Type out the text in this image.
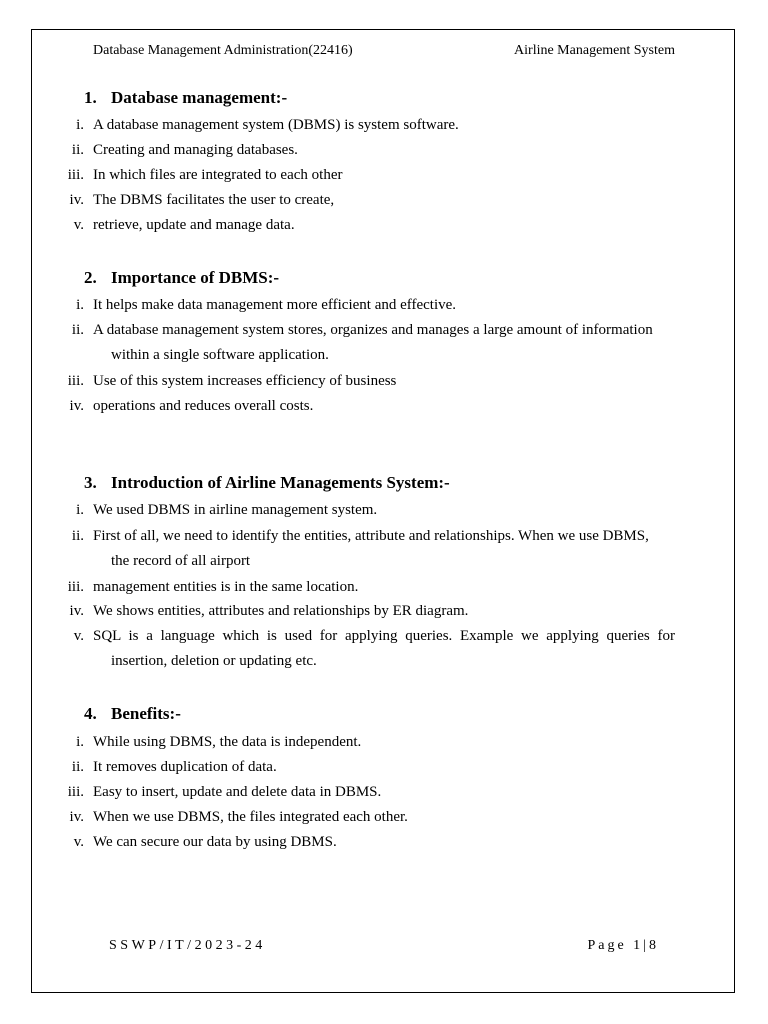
Database Management Administration(22416)	Airline Management System
1. Database management:-
i. A database management system (DBMS) is system software.
ii. Creating and managing databases.
iii. In which files are integrated to each other
iv. The DBMS facilitates the user to create,
v. retrieve, update and manage data.
2. Importance of DBMS:-
i. It helps make data management more efficient and effective.
ii. A database management system stores, organizes and manages a large amount of information
within a single software application.
iii. Use of this system increases efficiency of business
iv. operations and reduces overall costs.
3. Introduction of Airline Managements System:-
i. We used DBMS in airline management system.
ii. First of all, we need to identify the entities, attribute and relationships. When we use DBMS,
the record of all airport
iii. management entities is in the same location.
iv. We shows entities, attributes and relationships by ER diagram.
v. SQL is a language which is used for applying queries. Example we applying queries for
insertion, deletion or updating etc.
4. Benefits:-
i. While using DBMS, the data is independent.
ii. It removes duplication of data.
iii. Easy to insert, update and delete data in DBMS.
iv. When we use DBMS, the files integrated each other.
v. We can secure our data by using DBMS.
SSWP/IT/2023-24	Page 1|8
